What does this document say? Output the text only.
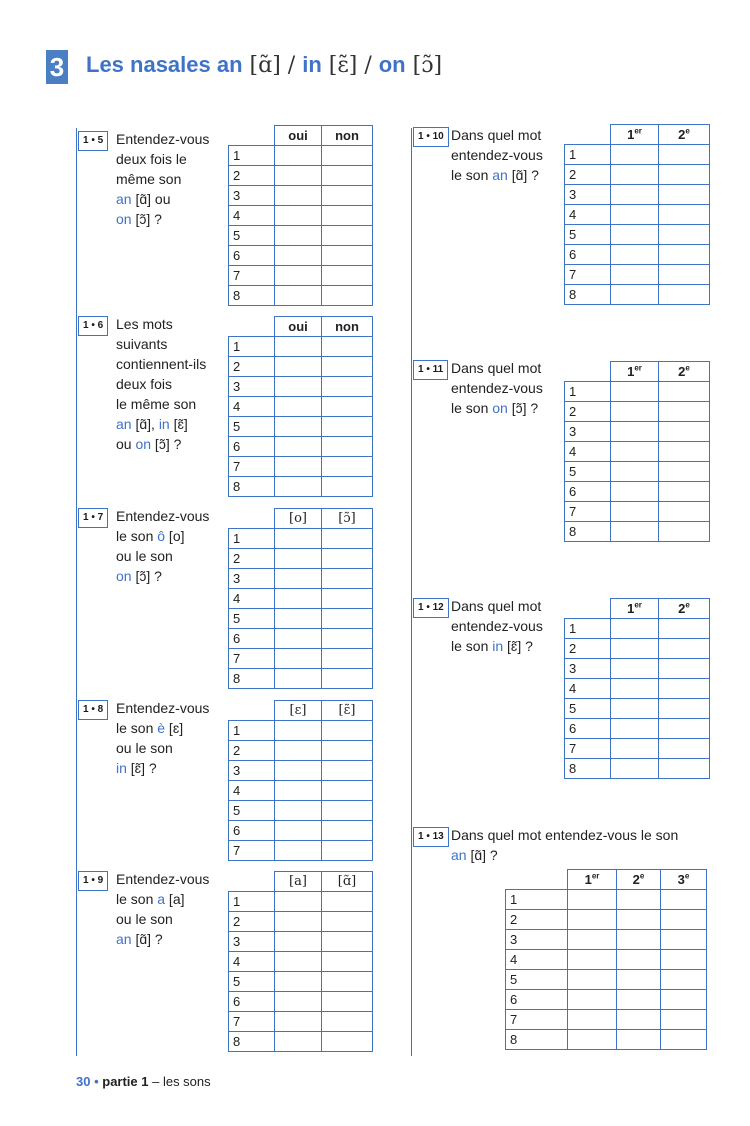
3 Les nasales an [ɑ̃] / in [ɛ̃] / on [ɔ̃]
1 • 5 Entendez-vous
deux fois le
même son
an [ɑ̃] ou
on [ɔ̃] ?
	oui	non
1		
2		
3		
4		
5		
6		
7		
8		
1 • 6 Les mots
suivants
contiennent-ils
deux fois
le même son
an [ɑ̃], in [ɛ̃]
ou on [ɔ̃] ?
	oui	non
1		
2		
3		
4		
5		
6		
7		
8		
1 • 7 Entendez-vous
le son ô [o]
ou le son
on [ɔ̃] ?
	[o]	[ɔ̃]
1		
2		
3		
4		
5		
6		
7		
8		
1 • 8 Entendez-vous
le son è [ɛ]
ou le son
in [ɛ̃] ?
	[ɛ]	[ɛ̃]
1		
2		
3		
4		
5		
6		
7		
1 • 9 Entendez-vous
le son a [a]
ou le son
an [ɑ̃] ?
	[a]	[ɑ̃]
1		
2		
3		
4		
5		
6		
7		
8		
1 • 10 Dans quel mot
entendez-vous
le son an [ɑ̃] ?
	1er	2e
1		
2		
3		
4		
5		
6		
7		
8		
1 • 11 Dans quel mot
entendez-vous
le son on [ɔ̃] ?
	1er	2e
1		
2		
3		
4		
5		
6		
7		
8		
1 • 12 Dans quel mot
entendez-vous
le son in [ɛ̃] ?
	1er	2e
1		
2		
3		
4		
5		
6		
7		
8		
1 • 13 Dans quel mot entendez-vous le son
an [ɑ̃] ?
	1er	2e	3e
1			
2			
3			
4			
5			
6			
7			
8			
30 • partie 1 – les sons
